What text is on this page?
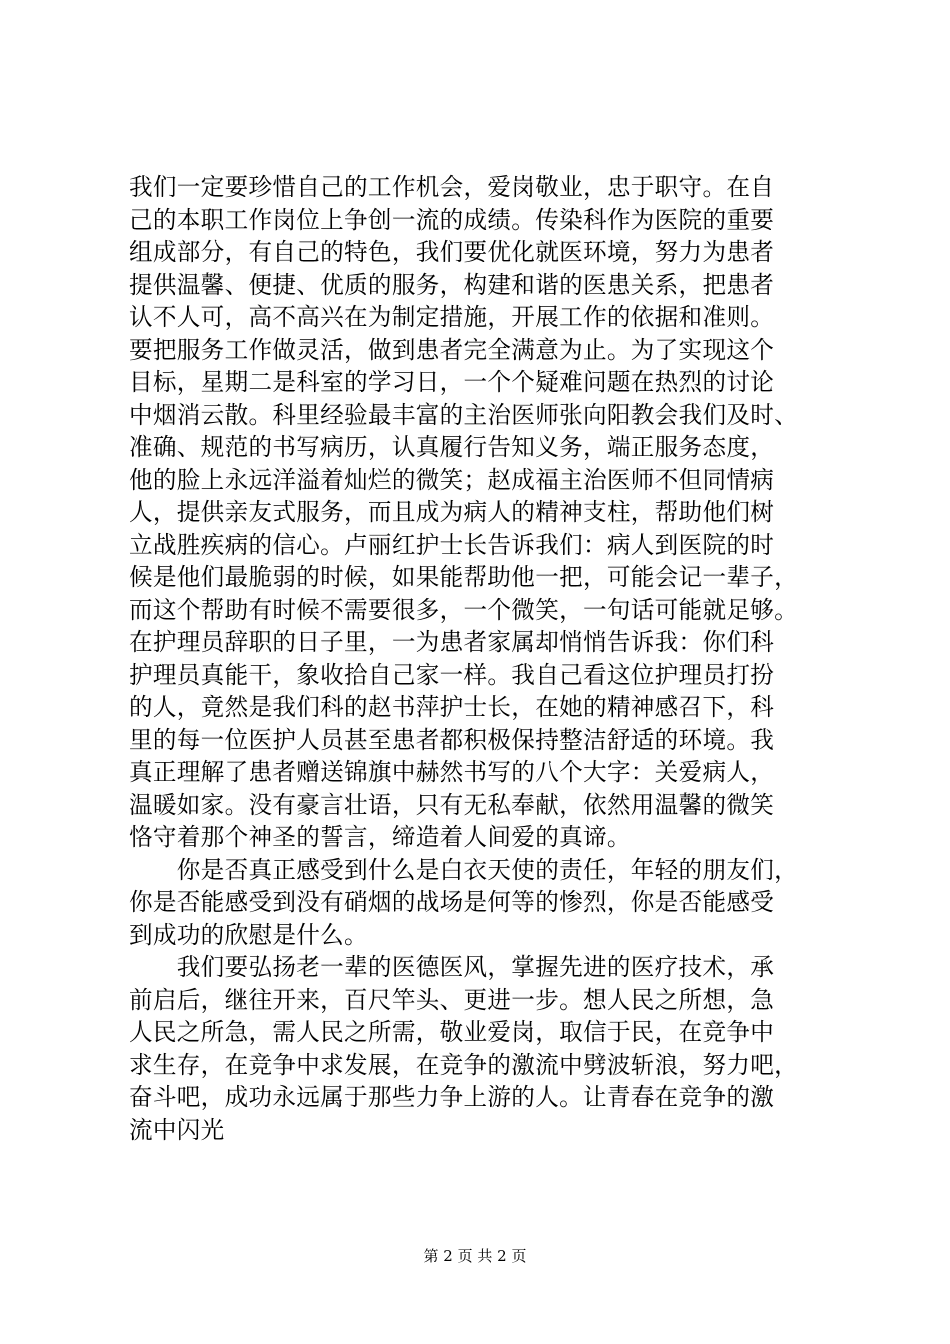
我们一定要珍惜自己的工作机会，爱岗敬业，忠于职守。在自

己的本职工作岗位上争创一流的成绩。传染科作为医院的重要

组成部分，有自己的特色，我们要优化就医环境，努力为患者

提供温馨、便捷、优质的服务，构建和谐的医患关系，把患者

认不人可，高不高兴在为制定措施，开展工作的依据和准则。

要把服务工作做灵活，做到患者完全满意为止。为了实现这个

目标，星期二是科室的学习日，一个个疑难问题在热烈的讨论

中烟消云散。科里经验最丰富的主治医师张向阳教会我们及时、

准确、规范的书写病历，认真履行告知义务，端正服务态度，

他的脸上永远洋溢着灿烂的微笑；赵成福主治医师不但同情病

人，提供亲友式服务，而且成为病人的精神支柱，帮助他们树

立战胜疾病的信心。卢丽红护士长告诉我们：病人到医院的时

候是他们最脆弱的时候，如果能帮助他一把，可能会记一辈子，

而这个帮助有时候不需要很多，一个微笑，一句话可能就足够。

在护理员辞职的日子里，一为患者家属却悄悄告诉我：你们科

护理员真能干，象收拾自己家一样。我自己看这位护理员打扮

的人，竟然是我们科的赵书萍护士长，在她的精神感召下，科

里的每一位医护人员甚至患者都积极保持整洁舒适的环境。我

真正理解了患者赠送锦旗中赫然书写的八个大字：关爱病人，

温暖如家。没有豪言壮语，只有无私奉献，依然用温馨的微笑

恪守着那个神圣的誓言，缔造着人间爱的真谛。

　　你是否真正感受到什么是白衣天使的责任，年轻的朋友们，

你是否能感受到没有硝烟的战场是何等的惨烈，你是否能感受

到成功的欣慰是什么。

　　我们要弘扬老一辈的医德医风，掌握先进的医疗技术，承

前启后，继往开来，百尺竿头、更进一步。想人民之所想，急

人民之所急，需人民之所需，敬业爱岗，取信于民，在竞争中

求生存，在竞争中求发展，在竞争的激流中劈波斩浪，努力吧，

奋斗吧，成功永远属于那些力争上游的人。让青春在竞争的激

流中闪光

第 2 页 共 2 页
